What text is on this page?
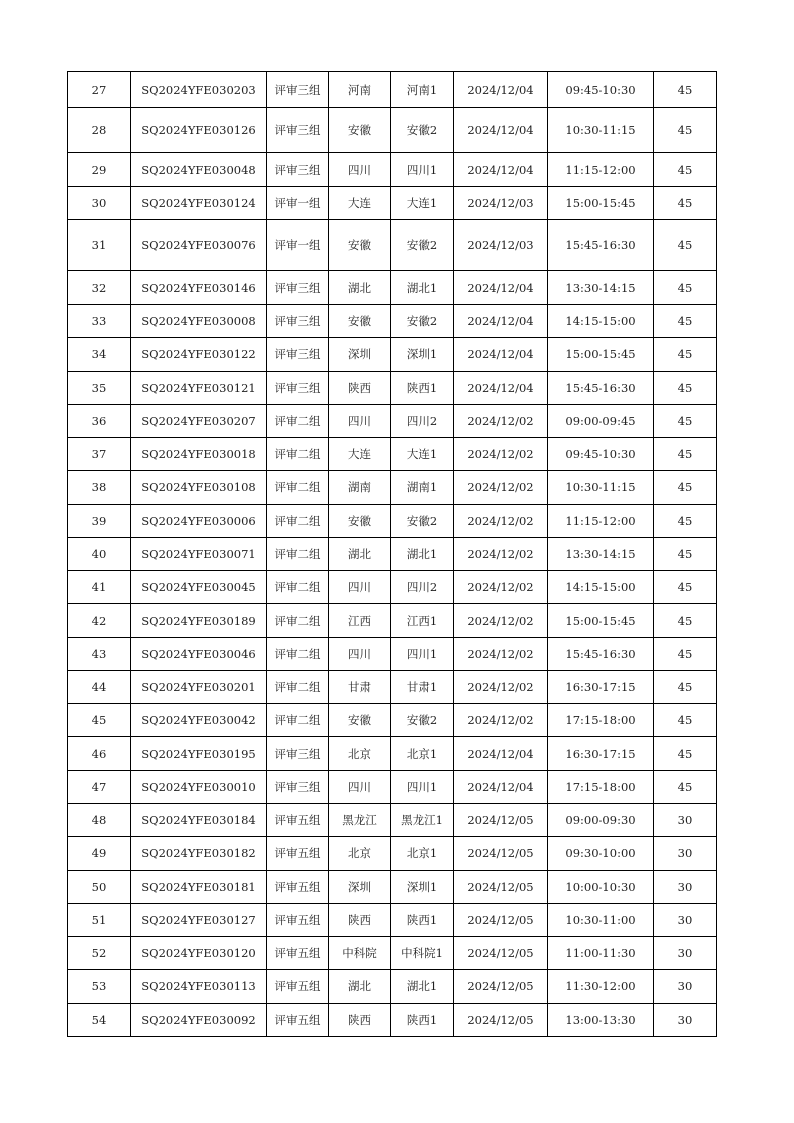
27	SQ2024YFE030203	评审三组	河南	河南1	2024/12/04	09:45-10:30	45
28	SQ2024YFE030126	评审三组	安徽	安徽2	2024/12/04	10:30-11:15	45
29	SQ2024YFE030048	评审三组	四川	四川1	2024/12/04	11:15-12:00	45
30	SQ2024YFE030124	评审一组	大连	大连1	2024/12/03	15:00-15:45	45
31	SQ2024YFE030076	评审一组	安徽	安徽2	2024/12/03	15:45-16:30	45
32	SQ2024YFE030146	评审三组	湖北	湖北1	2024/12/04	13:30-14:15	45
33	SQ2024YFE030008	评审三组	安徽	安徽2	2024/12/04	14:15-15:00	45
34	SQ2024YFE030122	评审三组	深圳	深圳1	2024/12/04	15:00-15:45	45
35	SQ2024YFE030121	评审三组	陕西	陕西1	2024/12/04	15:45-16:30	45
36	SQ2024YFE030207	评审二组	四川	四川2	2024/12/02	09:00-09:45	45
37	SQ2024YFE030018	评审二组	大连	大连1	2024/12/02	09:45-10:30	45
38	SQ2024YFE030108	评审二组	湖南	湖南1	2024/12/02	10:30-11:15	45
39	SQ2024YFE030006	评审二组	安徽	安徽2	2024/12/02	11:15-12:00	45
40	SQ2024YFE030071	评审二组	湖北	湖北1	2024/12/02	13:30-14:15	45
41	SQ2024YFE030045	评审二组	四川	四川2	2024/12/02	14:15-15:00	45
42	SQ2024YFE030189	评审二组	江西	江西1	2024/12/02	15:00-15:45	45
43	SQ2024YFE030046	评审二组	四川	四川1	2024/12/02	15:45-16:30	45
44	SQ2024YFE030201	评审二组	甘肃	甘肃1	2024/12/02	16:30-17:15	45
45	SQ2024YFE030042	评审二组	安徽	安徽2	2024/12/02	17:15-18:00	45
46	SQ2024YFE030195	评审三组	北京	北京1	2024/12/04	16:30-17:15	45
47	SQ2024YFE030010	评审三组	四川	四川1	2024/12/04	17:15-18:00	45
48	SQ2024YFE030184	评审五组	黑龙江	黑龙江1	2024/12/05	09:00-09:30	30
49	SQ2024YFE030182	评审五组	北京	北京1	2024/12/05	09:30-10:00	30
50	SQ2024YFE030181	评审五组	深圳	深圳1	2024/12/05	10:00-10:30	30
51	SQ2024YFE030127	评审五组	陕西	陕西1	2024/12/05	10:30-11:00	30
52	SQ2024YFE030120	评审五组	中科院	中科院1	2024/12/05	11:00-11:30	30
53	SQ2024YFE030113	评审五组	湖北	湖北1	2024/12/05	11:30-12:00	30
54	SQ2024YFE030092	评审五组	陕西	陕西1	2024/12/05	13:00-13:30	30
